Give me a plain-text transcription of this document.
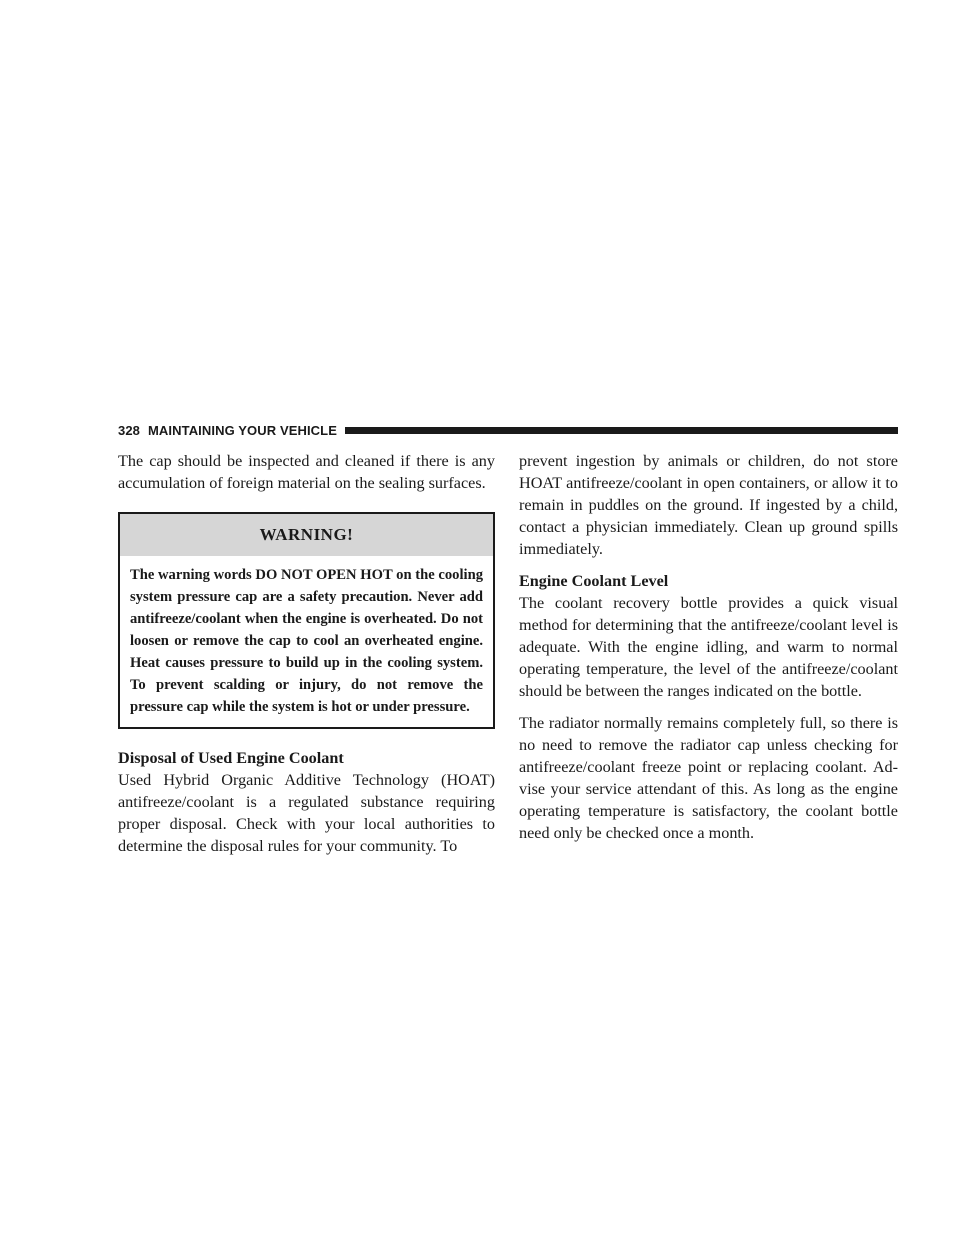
328 MAINTAINING YOUR VEHICLE

The cap should be inspected and cleaned if there is any accumulation of foreign material on the sealing surfaces.

WARNING!
The warning words DO NOT OPEN HOT on the cooling system pressure cap are a safety precaution. Never add antifreeze/coolant when the engine is overheated. Do not loosen or remove the cap to cool an overheated engine. Heat causes pressure to build up in the cooling system. To prevent scalding or injury, do not remove the pressure cap while the system is hot or under pressure.
Disposal of Used Engine Coolant

Used Hybrid Organic Additive Technology (HOAT) antifreeze/coolant is a regulated substance requiring proper disposal. Check with your local authorities to determine the disposal rules for your community. To

prevent ingestion by animals or children, do not store HOAT antifreeze/coolant in open containers, or allow it to remain in puddles on the ground. If ingested by a child, contact a physician immediately. Clean up ground spills immediately.

Engine Coolant Level

The coolant recovery bottle provides a quick visual method for determining that the antifreeze/coolant level is adequate. With the engine idling, and warm to normal operating temperature, the level of the antifreeze/coolant should be between the ranges indicated on the bottle.

The radiator normally remains completely full, so there is no need to remove the radiator cap unless checking for antifreeze/coolant freeze point or replacing coolant. Ad-vise your service attendant of this. As long as the engine operating temperature is satisfactory, the coolant bottle need only be checked once a month.
